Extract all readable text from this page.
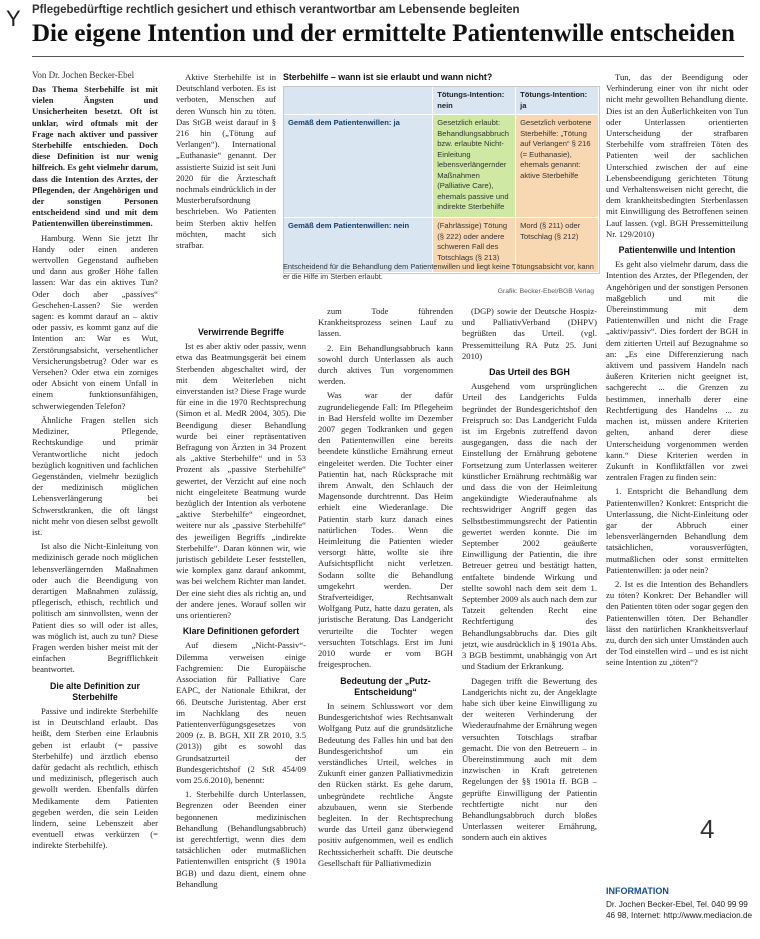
Y Pflegebedürftige rechtlich gesichert und ethisch verantwortbar am Lebensende begleiten
Die eigene Intention und der ermittelte Patientenwille entscheiden
Von Dr. Jochen Becker-Ebel

Das Thema Sterbehilfe ist mit vielen Ängsten und Unsicherheiten besetzt. Oft ist unklar, wird oftmals mit der Frage nach aktiver und passiver Sterbehilfe entschieden. Doch diese Definition ist nur wenig hilfreich. Es geht vielmehr darum, dass die Intention des Arztes, der Pflegenden, der Angehörigen und der sonstigen Personen entscheidend sind und mit dem Patientenwillen übereinstimmen.

Hamburg. Wenn Sie jetzt Ihr Handy oder einen anderen wertvollen Gegenstand aufheben und dann aus großer Höhe fallen lassen: War das ein aktives Tun? Oder doch aber „passives“ Geschehen-Lassen? Sie werden sagen: es kommt darauf an – aktiv oder passiv, es kommt ganz auf die Intention an: War es Wut, Zerstörungsabsicht, versehentlicher Versicherungsbetrug? Oder war es Versehen? Oder etwa ein zorniges oder Absicht von einem Unfall in einem funktionsunfähigen, schwerwiegenden Telefon?

Ähnliche Fragen stellen sich Mediziner, Pflegende, Rechtskundige und primär Verantwortliche nicht jedoch bezüglich kognitiven und fachlichen Gegenständen, vielmehr bezüglich der medizinisch möglichen Lebensverlängerung bei Schwerstkranken, die oft längst nicht mehr von diesen selbst gewollt ist.

Ist also die Nicht-Einleitung von medizinisch gerade noch möglichen lebensverlängernden Maßnahmen oder auch die Beendigung von derartigen Maßnahmen zulässig, pflegerisch, ethisch, rechtlich und politisch am sinnvollsten, wenn der Patient dies so will oder ist alles, was möglich ist, auch zu tun? Diese Fragen werden bisher meist mit der einfachen Begrifflichkeit beantwortet.

Die alte Definition zur Sterbehilfe

Passive und indirekte Sterbehilfe ist in Deutschland erlaubt. Das heißt, dem Sterben eine Erlaubnis geben ist erlaubt (= passive Sterbehilfe) und ärztlich ebenso dafür gedacht als rechtlich, ethisch und medizinisch, pflegerisch auch gewollt werden. Ebenfalls dürfen Medikamente dem Patienten gegeben werden, die sein Leiden lindern, seine Lebenszeit aber eventuell etwas verkürzen (= indirekte Sterbehilfe).

Aktive Sterbehilfe ist in Deutschland verboten. Es ist verboten, Menschen auf deren Wunsch hin zu töten. Das StGB weist darauf in § 216 hin („Tötung auf Verlangen“). International „Euthanasie“ genannt. Der assistierte Suizid ist seit Juni 2020 für die Ärzteschaft nochmals eindrücklich in der Musterberufsordnung beschrieben. Wo Patienten beim Sterben aktiv helfen möchten, macht sich strafbar.

Sterbehilfe – wann ist sie erlaubt und wann nicht?
Tötungs-Intention: nein
Tötungs-Intention: ja
Gemäß dem Patientenwillen: ja	Gesetzlich erlaubt: Behandlungsabbruch bzw. erlaubte Nicht-Einleitung lebensverlängernder Maßnahmen (Palliative Care), ehemals passive und indirekte Sterbehilfe
Gesetzlich verbotene Sterbehilfe: „Tötung auf Verlangen“ § 216 (= Euthanasie), ehemals genannt: aktive Sterbehilfe
Gemäß dem Patientenwillen: nein	(Fahrlässige) Tötung (§ 222) oder andere schweren Fall des Totschlags (§ 213)
Mord (§ 211) oder Totschlag (§ 212)
Entscheidend für die Behandlung dem Patientenwillen und liegt keine Tötungsabsicht vor, kann er die Hilfe im Sterben erlaubt.
Grafik: Becker-Ebel/BGB Verlag
Verwirrende Begriffe

Ist es aber aktiv oder passiv, wenn etwa das Beatmungsgerät bei einem Sterbenden abgeschaltet wird, der mit dem Weiterleben nicht einverstanden ist? Diese Frage wurde für eine in die 1970 Rechtsprechung (Simon et al. MedR 2004, 305). Die Beendigung dieser Behandlung wurde bei einer repräsentativen Befragung von Ärzten in 34 Prozent als „aktive Sterbehilfe“ und in 53 Prozent als „passive Sterbehilfe“ gewertet, der Verzicht auf eine noch nicht eingeleitete Beatmung wurde bezüglich der Intention als verbotene „aktive Sterbehilfe“ eingeordnet, weitere nur als „passive Sterbehilfe“ des jeweiligen Begriffs „indirekte Sterbehilfe“. Daran können wir, wie juristisch gebildete Leser feststellen, wie komplex ganz darauf ankommt, was bei welchem Richter man landet. Der eine sieht dies als richtig an, und der andere jenes. Worauf sollen wir uns orientieren?

Klare Definitionen gefordert

Auf diesem „Nicht-Passiv“-Dilemma verweisen einige Fachgremien: Die Europäische Association für Palliative Care EAPC, der Nationale Ethikrat, der 66. Deutsche Juristentag. Aber erst im Nachklang des neuen Patientenverfügungsgesetzes von 2009 (z. B. BGH, XII ZR 2010, 3.5 (2013)) gibt es sowohl das Grundsatzurteil der Bundesgerichtshof (2 StR 454/09 vom 25.6.2010), benennt:

1. Sterbehilfe durch Unterlassen, Begrenzen oder Beenden einer begonnenen medizinischen Behandlung (Behandlungsabbruch) ist gerechtfertigt, wenn dies dem tatsächlichen oder mutmaßlichen Patientenwillen entspricht (§ 1901a BGB) und dazu dient, einem ohne Behandlung

zum Tode führenden Krankheitsprozess seinen Lauf zu lassen.

2. Ein Behandlungsabbruch kann sowohl durch Unterlassen als auch durch aktives Tun vorgenommen werden.

Was war der dafür zugrundeliegende Fall: Im Pflegeheim in Bad Hersfeld wollte im Dezember 2007 gegen Todkranken und gegen den Patientenwillen eine bereits beendete künstliche Ernährung erneut eingeleitet werden. Die Tochter einer Patientin hat, nach Rücksprache mit ihrem Anwalt, den Schlauch der Magensonde durchtrennt. Das Heim erhielt eine Wiederanlage. Die Patientin starb kurz danach eines natürlichen Todes. Wenn die Heimleitung die Patienten wieder versorgt hätte, wollte sie ihre Aufsichtspflicht nicht verletzen. Sodann sollte die Behandlung umgekehrt werden. Der Strafverteidiger, Rechtsanwalt Wolfgang Putz, hatte dazu geraten, als juristische Beratung. Das Landgericht verurteilte die Tochter wegen versuchten Totschlags. Erst im Juni 2010 wurde er vom BGH freigesprochen.

Bedeutung der „Putz-Entscheidung“

In seinem Schlusswort vor dem Bundesgerichtshof wies Rechtsanwalt Wolfgang Putz auf die grundsätzliche Bedeutung des Falles hin und bat den Bundesgerichtshof um ein verständliches Urteil, welches in Zukunft einer ganzen Palliativmedizin den Rücken stärkt. Es gehe darum, unbegründete rechtliche Ängste abzubauen, wenn sie Sterbende begleiten. In der Rechtsprechung wurde das Urteil ganz überwiegend positiv aufgenommen, weil es endlich Rechtssicherheit schafft. Die deutsche Gesellschaft für Palliativmedizin

(DGP) sowie der Deutsche Hospiz- und PalliativVerband (DHPV) begrüßten das Urteil. (vgl. Pressemitteilung RA Putz 25. Juni 2010)

Das Urteil des BGH

Ausgehend vom ursprünglichen Urteil des Landgerichts Fulda begründet der Bundesgerichtshof den Freispruch so: Das Landgericht Fulda ist im Ergebnis zutreffend davon ausgegangen, dass die nach der Einstellung der Ernährung gebotene Fortsetzung zum Unterlassen weiterer künstlicher Ernährung rechtmäßig war und dass die von der Heimleitung angekündigte Wiederaufnahme als rechtswidriger Angriff gegen das Selbstbestimmungsrecht der Patientin gewertet werden konnte. Die im September 2002 geäußerte Einwilligung der Patientin, die ihre Betreuer getreu und bestätigt hatten, entfaltete bindende Wirkung und stellte sowohl nach dem seit dem 1. September 2009 als auch nach dem zur Tatzeit geltenden Recht eine Rechtfertigung des Behandlungsabbruchs dar. Dies gilt jetzt, wie ausdrücklich in § 1901a Abs. 3 BGB bestimmt, unabhängig von Art und Stadium der Erkrankung.

Dagegen trifft die Bewertung des Landgerichts nicht zu, der Angeklagte habe sich über keine Einwilligung zu der weiteren Verhinderung der Wiederaufnahme der Ernährung wegen versuchten Totschlags strafbar gemacht. Die von den Betreuern – in Übereinstimmung auch mit dem inzwischen in Kraft getretenen Regelungen der §§ 1901a ff. BGB – geprüfte Einwilligung der Patientin rechtfertigte nicht nur den Behandlungsabbruch durch bloßes Unterlassen weiterer Ernährung, sondern auch ein aktives

Tun, das der Beendigung oder Verhinderung einer von ihr nicht oder nicht mehr gewollten Behandlung diente. Dies ist an den Äußerlichkeiten von Tun oder Unterlassen orientierten Unterscheidung der strafbaren Sterbehilfe vom straffreien Töten des Patienten weil der sachlichen Unterschied zwischen der auf eine Lebensbeendigung gerichteten Tötung und Verhaltensweisen nicht gerecht, die dem krankheitsbedingten Sterbenlassen mit Einwilligung des Betroffenen seinen Lauf lassen. (vgl. BGH Pressemitteilung Nr. 129/2010)

Patientenwille und Intention

Es geht also vielmehr darum, dass die Intention des Arztes, der Pflegenden, der Angehörigen und der sonstigen Personen maßgeblich und mit die Übereinstimmung mit dem Patientenwillen und nicht die Frage „aktiv/passiv“. Dies fordert der BGH in dem zitierten Urteil auf Bezugnahme so an: „Es eine Differenzierung nach aktivem und passivem Handeln nach äußeren Kriterien nicht geeignet ist, sachgerecht ... die Grenzen zu bestimmen, innerhalb derer eine Rechtfertigung des Handelns ... zu machen ist, müssen andere Kriterien gelten, anhand derer diese Unterscheidung vorgenommen werden kann.“ Diese Kriterien werden in Zukunft in Konfliktfällen vor zwei zentralen Fragen zu finden sein:

1. Entspricht die Behandlung dem Patientenwillen? Konkret: Entspricht die Unterlassung, die Nicht-Einleitung oder gar der Abbruch einer lebensverlängernden Behandlung dem tatsächlichen, vorausverfügten, mutmaßlichen oder sonst ermittelten Patientenwillen: ja oder nein?

2. Ist es die Intention des Behandlers zu töten? Konkret: Der Behandler will den Patienten töten oder sogar gegen den Patientenwillen töten. Der Behandler lässt den natürlichen Krankheitsverlauf zu, durch den sich unter Umständen auch der Tod einstellen wird – und es ist nicht seine Intention zu „töten“?

4
INFORMATION
Dr. Jochen Becker-Ebel, Tel. 040 99 99 46 98, Internet: http://www.mediacion.de
